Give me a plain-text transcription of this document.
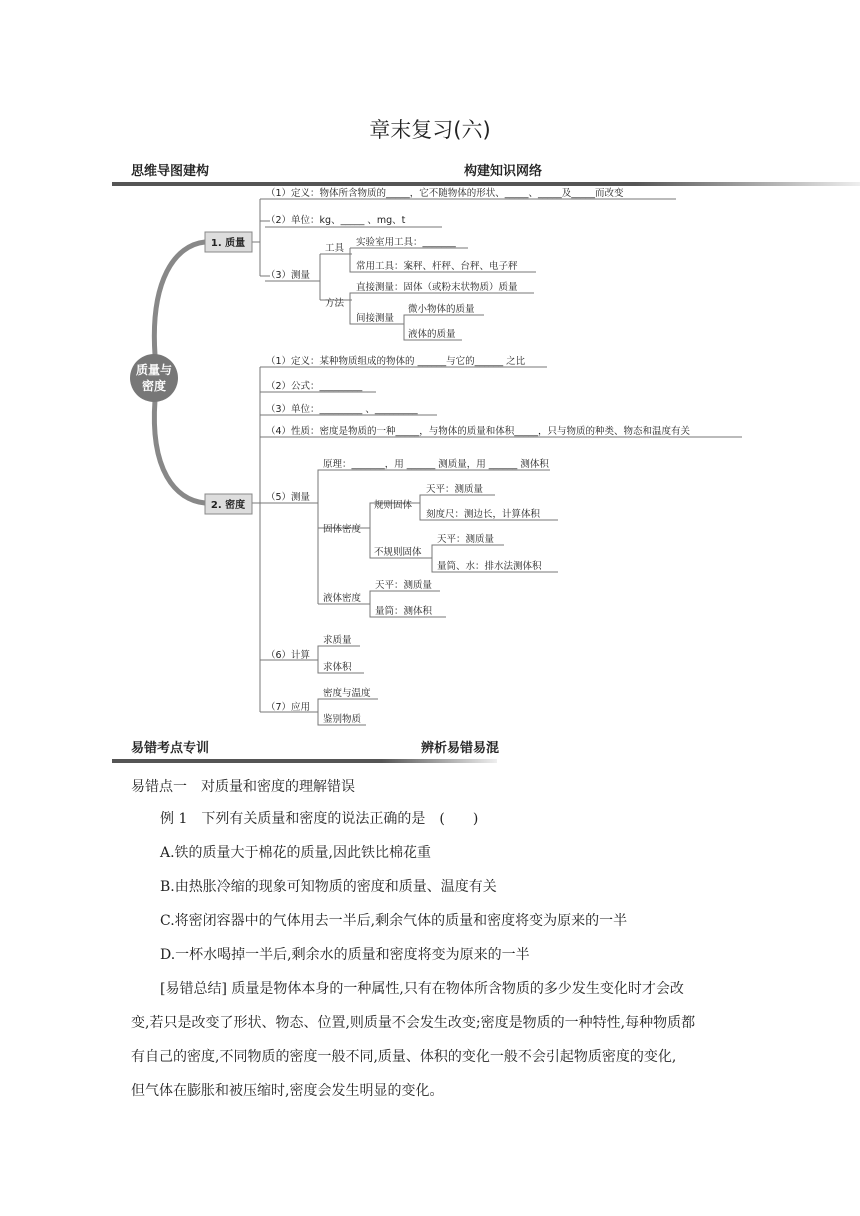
章末复习(六)
思维导图建构	构建知识网络
1. 质量
2. 密度
质量与
密度
（1）定义：物体所含物质的_____，它不随物体的形状、_____、_____及_____而改变
（2）单位：kg、_____ 、mg、t
（3）测量
工具
实验室用工具：_______
常用工具：案秤、杆秤、台秤、电子秤
方法
直接测量：固体（或粉末状物质）质量
间接测量
微小物体的质量
液体的质量
（1）定义：某种物质组成的物体的 ______与它的______ 之比
（2）公式：_________
（3）单位：_________ 、_________
（4）性质：密度是物质的一种_____，与物体的质量和体积_____，只与物质的种类、物态和温度有关
（5）测量
原理：_______，用 ______ 测质量，用 ______ 测体积
固体密度
规则固体
天平：测质量
刻度尺：测边长，计算体积
不规则固体
天平：测质量
量筒、水：排水法测体积
液体密度
天平：测质量
量筒：测体积
（6）计算
求质量
求体积
（7）应用
密度与温度
鉴别物质
易错考点专训	辨析易错易混
易错点一　对质量和密度的理解错误
例 1　下列有关质量和密度的说法正确的是　(　　)
A.铁的质量大于棉花的质量,因此铁比棉花重
B.由热胀冷缩的现象可知物质的密度和质量、温度有关
C.将密闭容器中的气体用去一半后,剩余气体的质量和密度将变为原来的一半
D.一杯水喝掉一半后,剩余水的质量和密度将变为原来的一半
[易错总结] 质量是物体本身的一种属性,只有在物体所含物质的多少发生变化时才会改
变,若只是改变了形状、物态、位置,则质量不会发生改变;密度是物质的一种特性,每种物质都
有自己的密度,不同物质的密度一般不同,质量、体积的变化一般不会引起物质密度的变化,
但气体在膨胀和被压缩时,密度会发生明显的变化。
